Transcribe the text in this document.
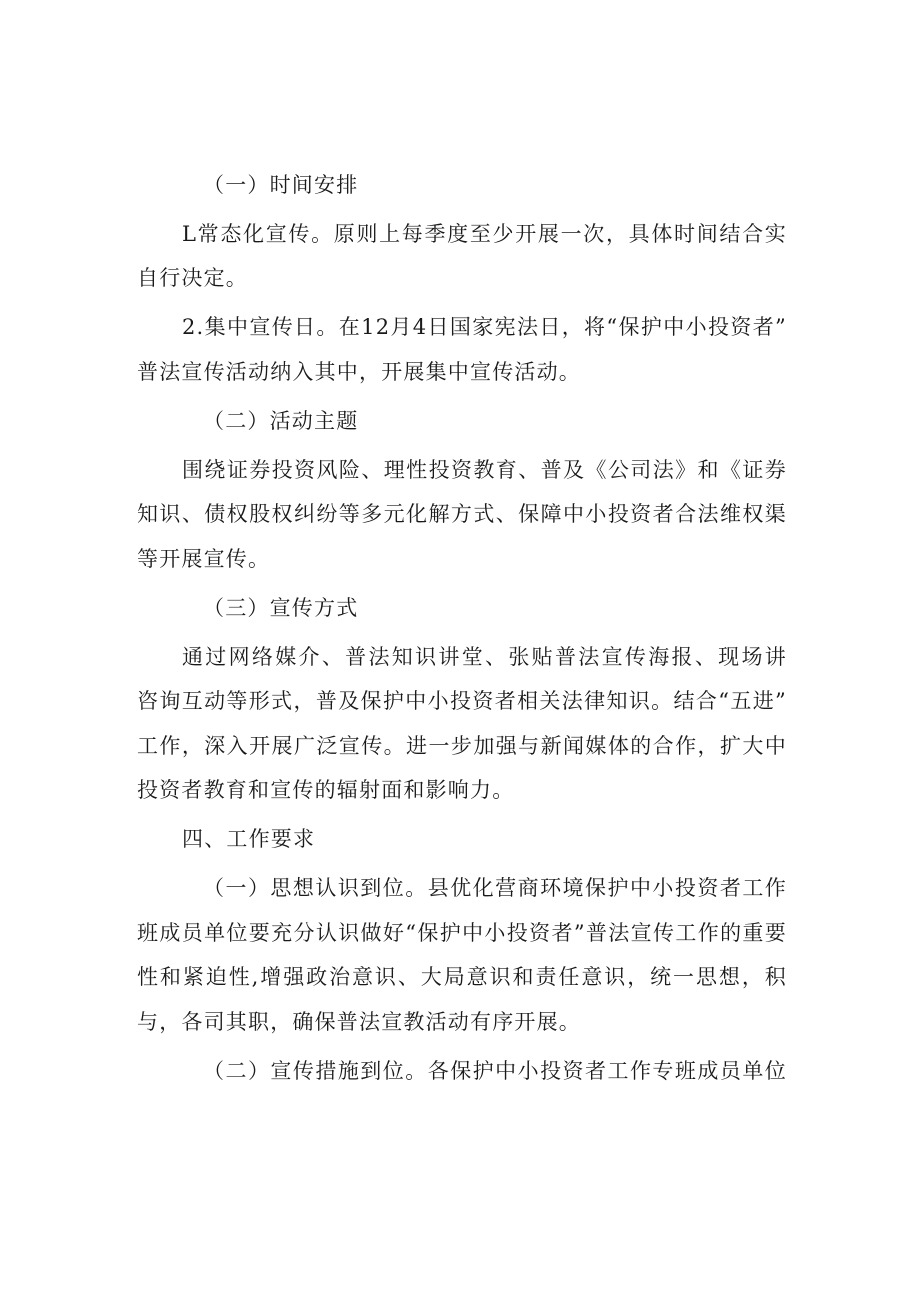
（一）时间安排
L常态化宣传。原则上每季度至少开展一次，具体时间结合实
自行决定。
2.集中宣传日。在12月4日国家宪法日，将“保护中小投资者”
普法宣传活动纳入其中，开展集中宣传活动。
（二）活动主题
围绕证券投资风险、理性投资教育、普及《公司法》和《证券
知识、债权股权纠纷等多元化解方式、保障中小投资者合法维权渠
等开展宣传。
（三）宣传方式
通过网络媒介、普法知识讲堂、张贴普法宣传海报、现场讲
咨询互动等形式，普及保护中小投资者相关法律知识。结合“五进”
工作，深入开展广泛宣传。进一步加强与新闻媒体的合作，扩大中
投资者教育和宣传的辐射面和影响力。
四、工作要求
（一）思想认识到位。县优化营商环境保护中小投资者工作
班成员单位要充分认识做好“保护中小投资者”普法宣传工作的重要
性和紧迫性,增强政治意识、大局意识和责任意识，统一思想，积
与，各司其职，确保普法宣教活动有序开展。
（二）宣传措施到位。各保护中小投资者工作专班成员单位
